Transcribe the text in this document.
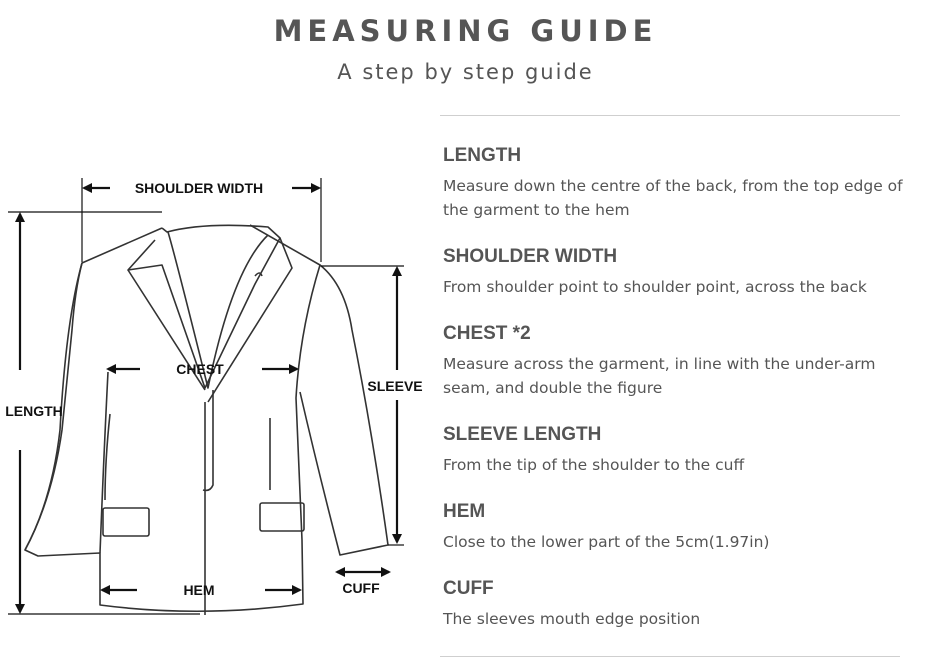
MEASURING GUIDE
A step by step guide
SHOULDER WIDTH
CHEST
SLEEVE
LENGTH
HEM	CUFF
LENGTH
Measure down the centre of the back, from the top edge of the garment to the hem
SHOULDER WIDTH
From shoulder point to shoulder point, across the back
CHEST *2
Measure across the garment, in line with the under-arm seam, and double the figure
SLEEVE LENGTH
From the tip of the shoulder to the cuff
HEM
Close to the lower part of the 5cm(1.97in)
CUFF
The sleeves mouth edge position
